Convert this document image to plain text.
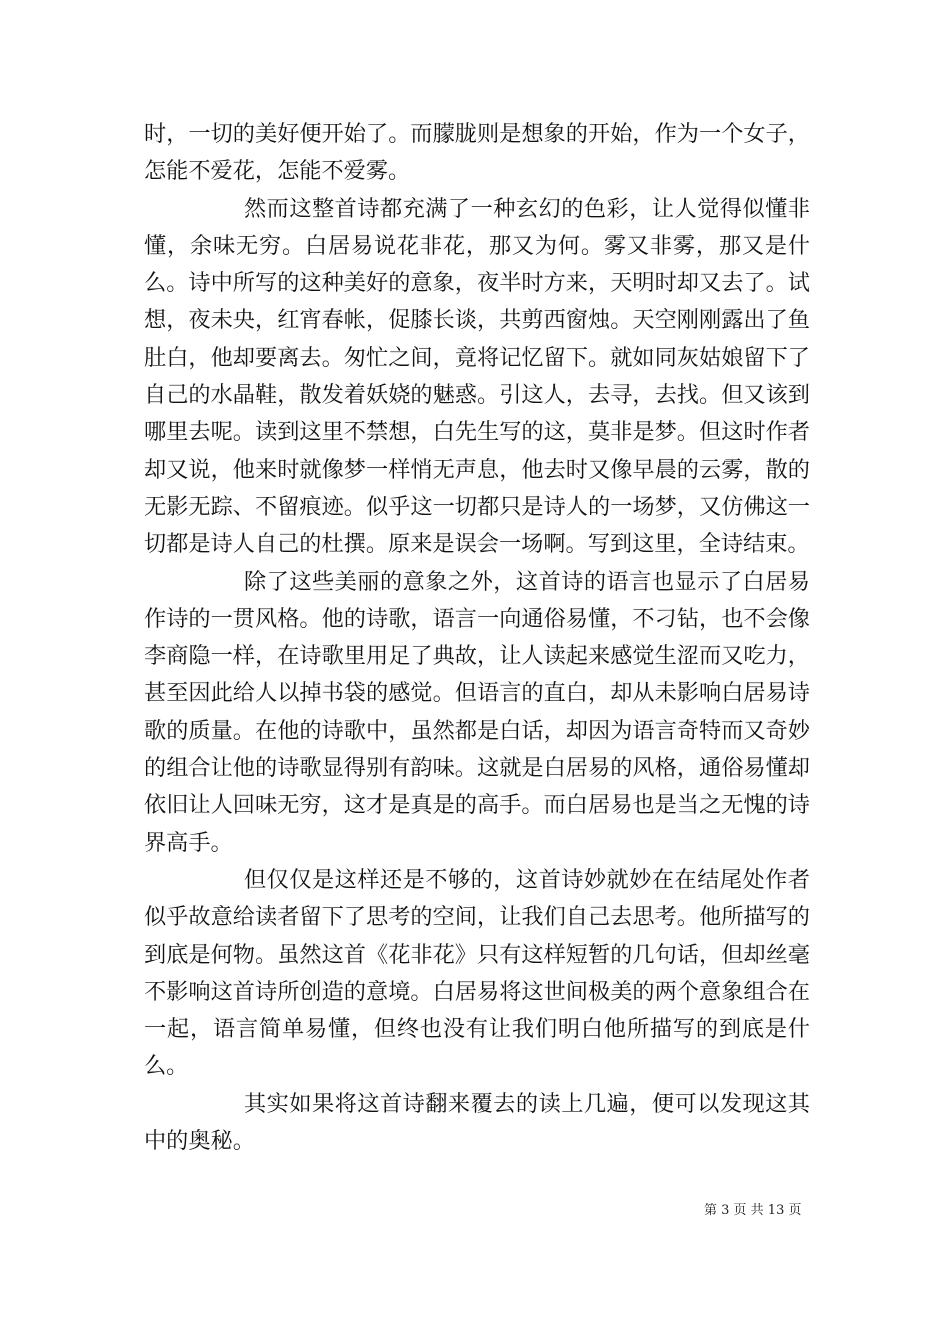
时，一切的美好便开始了。而朦胧则是想象的开始，作为一个女子，怎能不爱花，怎能不爱雾。

然而这整首诗都充满了一种玄幻的色彩，让人觉得似懂非懂，余味无穷。白居易说花非花，那又为何。雾又非雾，那又是什么。诗中所写的这种美好的意象，夜半时方来，天明时却又去了。试想，夜未央，红宵春帐，促膝长谈，共剪西窗烛。天空刚刚露出了鱼肚白，他却要离去。匆忙之间，竟将记忆留下。就如同灰姑娘留下了自己的水晶鞋，散发着妖娆的魅惑。引这人，去寻，去找。但又该到哪里去呢。读到这里不禁想，白先生写的这，莫非是梦。但这时作者却又说，他来时就像梦一样悄无声息，他去时又像早晨的云雾，散的无影无踪、不留痕迹。似乎这一切都只是诗人的一场梦，又仿佛这一切都是诗人自己的杜撰。原来是误会一场啊。写到这里，全诗结束。

除了这些美丽的意象之外，这首诗的语言也显示了白居易作诗的一贯风格。他的诗歌，语言一向通俗易懂，不刁钻，也不会像李商隐一样，在诗歌里用足了典故，让人读起来感觉生涩而又吃力，甚至因此给人以掉书袋的感觉。但语言的直白，却从未影响白居易诗歌的质量。在他的诗歌中，虽然都是白话，却因为语言奇特而又奇妙的组合让他的诗歌显得别有韵味。这就是白居易的风格，通俗易懂却依旧让人回味无穷，这才是真是的高手。而白居易也是当之无愧的诗界高手。

但仅仅是这样还是不够的，这首诗妙就妙在在结尾处作者似乎故意给读者留下了思考的空间，让我们自己去思考。他所描写的到底是何物。虽然这首《花非花》只有这样短暂的几句话，但却丝毫不影响这首诗所创造的意境。白居易将这世间极美的两个意象组合在一起，语言简单易懂，但终也没有让我们明白他所描写的到底是什么。

其实如果将这首诗翻来覆去的读上几遍，便可以发现这其中的奥秘。

第 3 页 共 13 页
